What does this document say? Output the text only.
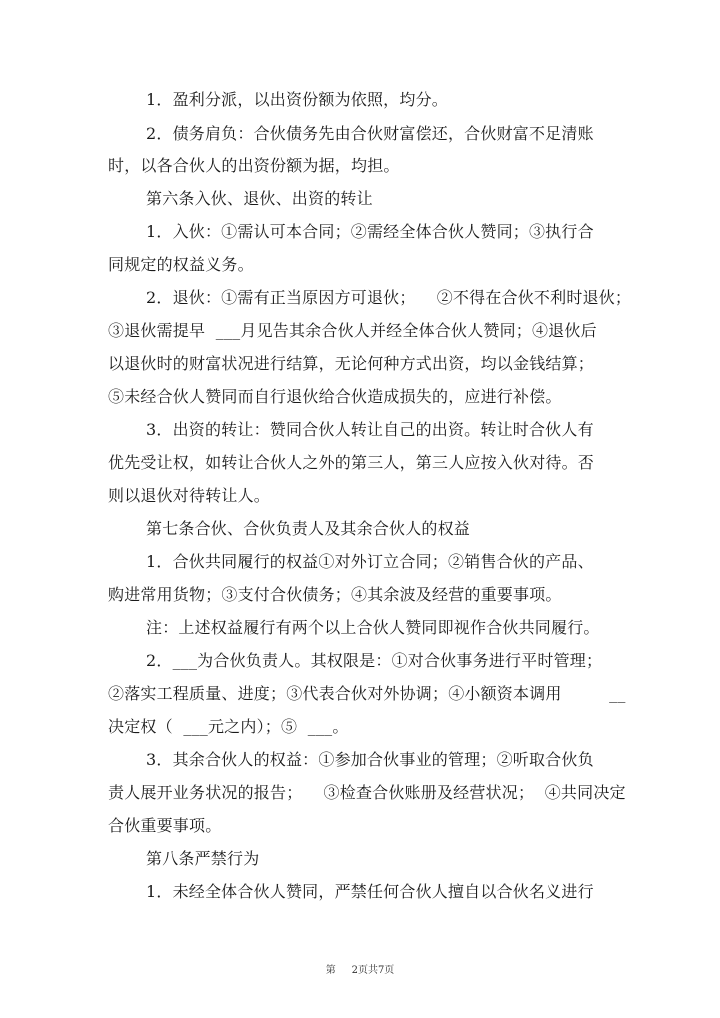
1．盈利分派，以出资份额为依照，均分。
2．债务肩负：合伙债务先由合伙财富偿还，合伙财富不足清账
时，以各合伙人的出资份额为据，均担。
第六条入伙、退伙、出资的转让
1．入伙：①需认可本合同；②需经全体合伙人赞同；③执行合
同规定的权益义务。
2．退伙：①需有正当原因方可退伙；    ②不得在合伙不利时退伙；
③退伙需提早  ___月见告其余合伙人并经全体合伙人赞同；④退伙后
以退伙时的财富状况进行结算，无论何种方式出资，均以金钱结算；
⑤未经合伙人赞同而自行退伙给合伙造成损失的，应进行补偿。
3．出资的转让：赞同合伙人转让自己的出资。转让时合伙人有
优先受让权，如转让合伙人之外的第三人，第三人应按入伙对待。否
则以退伙对待转让人。
第七条合伙、合伙负责人及其余合伙人的权益
1．合伙共同履行的权益①对外订立合同；②销售合伙的产品、
购进常用货物；③支付合伙债务；④其余波及经营的重要事项。
注：上述权益履行有两个以上合伙人赞同即视作合伙共同履行。
2．___为合伙负责人。其权限是：①对合伙事务进行平时管理；
②落实工程质量、进度；③代表合伙对外协调；④小额资本调用         __
决定权（  ___元之内）；⑤  ___。
3．其余合伙人的权益：①参加合伙事业的管理；②听取合伙负
责人展开业务状况的报告；    ③检查合伙账册及经营状况；  ④共同决定
合伙重要事项。
第八条严禁行为
1．未经全体合伙人赞同，严禁任何合伙人擅自以合伙名义进行
第     2页共7页
